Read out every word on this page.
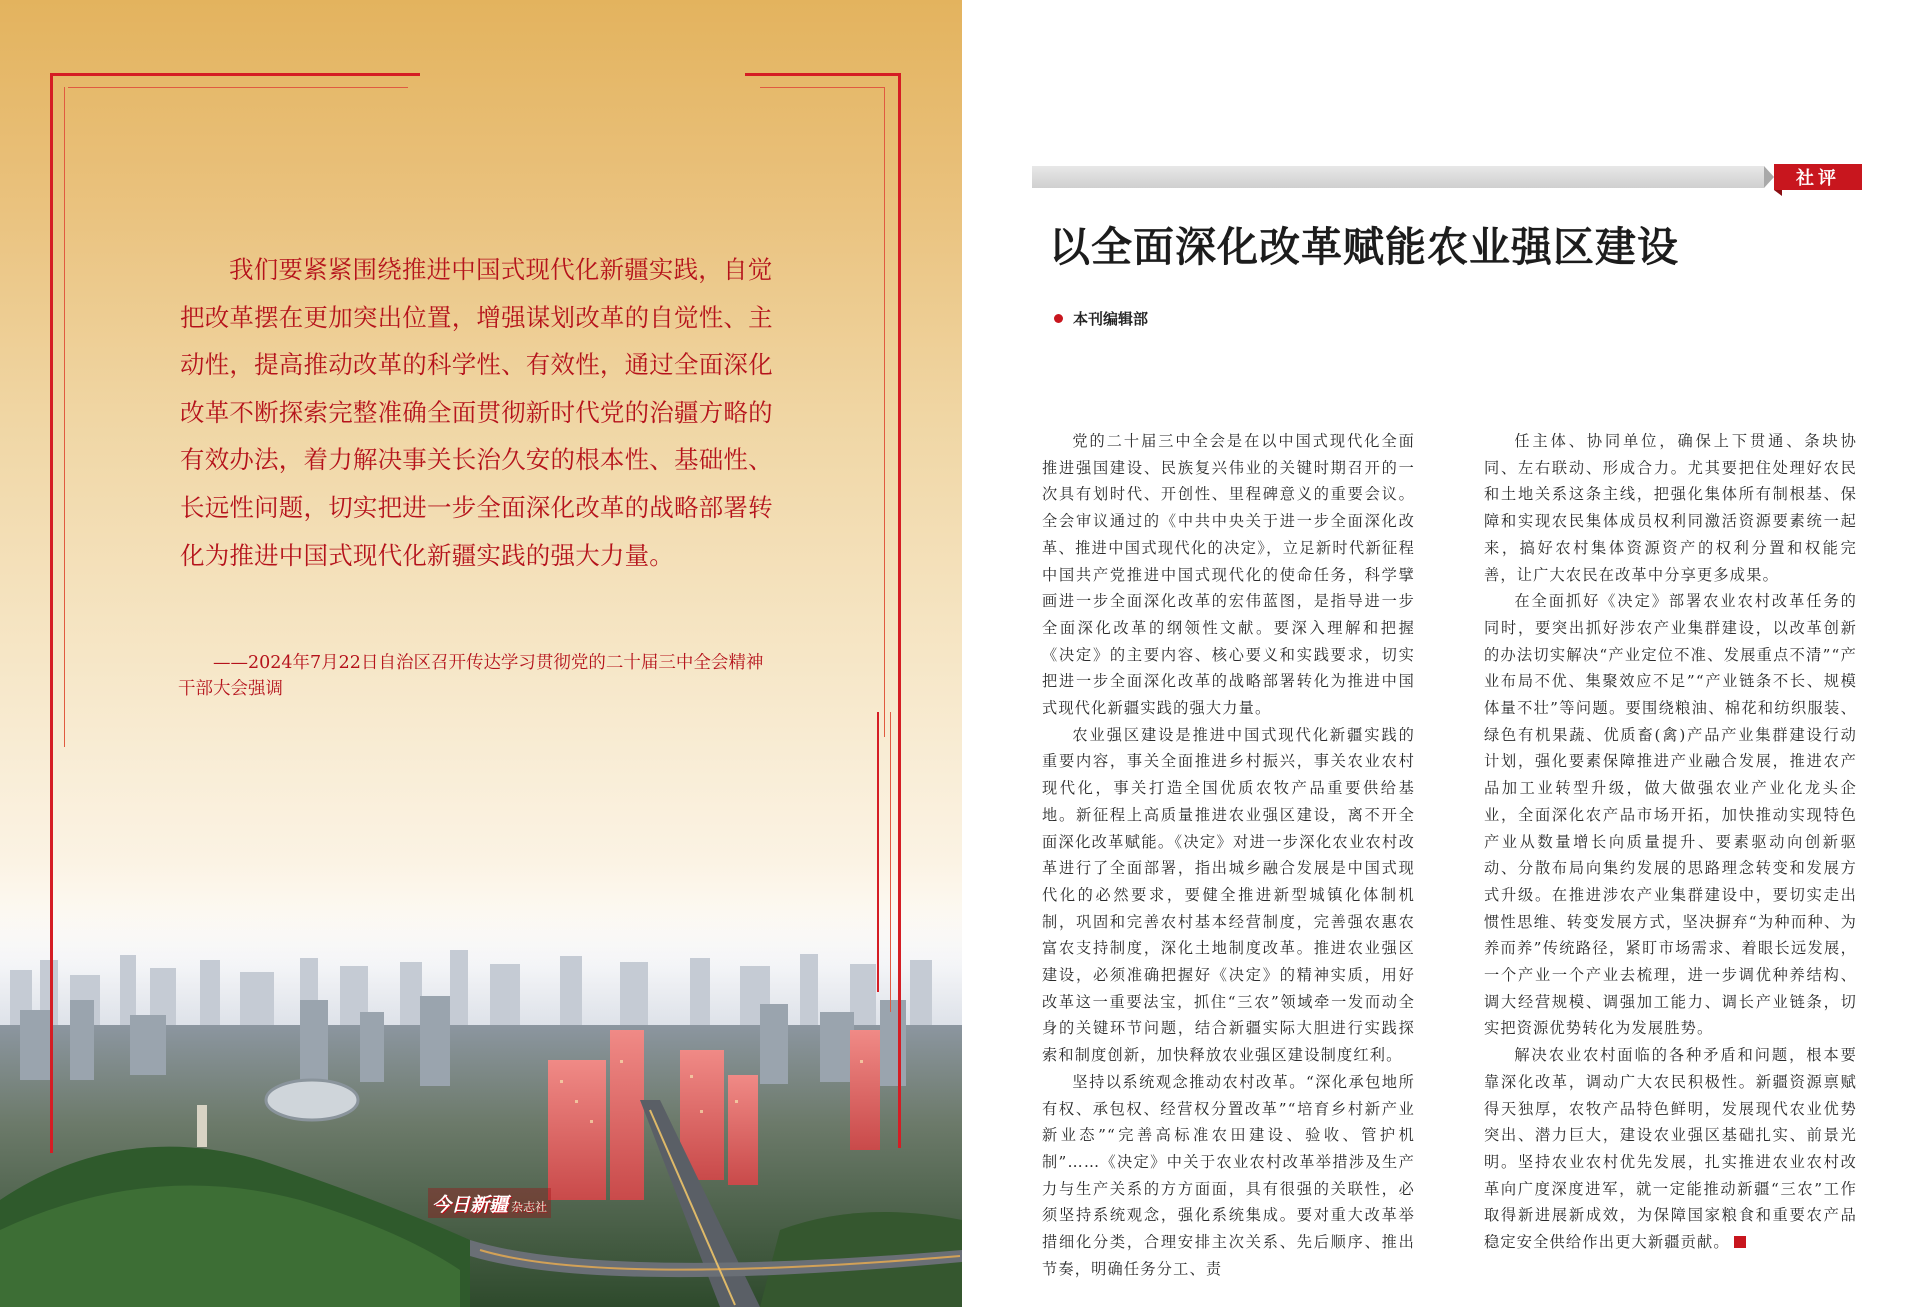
我们要紧紧围绕推进中国式现代化新疆实践，自觉把改革摆在更加突出位置，增强谋划改革的自觉性、主动性，提高推动改革的科学性、有效性，通过全面深化改革不断探索完整准确全面贯彻新时代党的治疆方略的有效办法，着力解决事关长治久安的根本性、基础性、长远性问题，切实把进一步全面深化改革的战略部署转化为推进中国式现代化新疆实践的强大力量。

——2024年7月22日自治区召开传达学习贯彻党的二十届三中全会精神干部大会强调

今日新疆 杂志社
社评
以全面深化改革赋能农业强区建设
本刊编辑部

党的二十届三中全会是在以中国式现代化全面推进强国建设、民族复兴伟业的关键时期召开的一次具有划时代、开创性、里程碑意义的重要会议。全会审议通过的《中共中央关于进一步全面深化改革、推进中国式现代化的决定》，立足新时代新征程中国共产党推进中国式现代化的使命任务，科学擘画进一步全面深化改革的宏伟蓝图，是指导进一步全面深化改革的纲领性文献。要深入理解和把握《决定》的主要内容、核心要义和实践要求，切实把进一步全面深化改革的战略部署转化为推进中国式现代化新疆实践的强大力量。

农业强区建设是推进中国式现代化新疆实践的重要内容，事关全面推进乡村振兴，事关农业农村现代化，事关打造全国优质农牧产品重要供给基地。新征程上高质量推进农业强区建设，离不开全面深化改革赋能。《决定》对进一步深化农业农村改革进行了全面部署，指出城乡融合发展是中国式现代化的必然要求，要健全推进新型城镇化体制机制，巩固和完善农村基本经营制度，完善强农惠农富农支持制度，深化土地制度改革。推进农业强区建设，必须准确把握好《决定》的精神实质，用好改革这一重要法宝，抓住“三农”领域牵一发而动全身的关键环节问题，结合新疆实际大胆进行实践探索和制度创新，加快释放农业强区建设制度红利。

坚持以系统观念推动农村改革。“深化承包地所有权、承包权、经营权分置改革”“培育乡村新产业新业态”“完善高标准农田建设、验收、管护机制”……《决定》中关于农业农村改革举措涉及生产力与生产关系的方方面面，具有很强的关联性，必须坚持系统观念，强化系统集成。要对重大改革举措细化分类，合理安排主次关系、先后顺序、推出节奏，明确任务分工、责

任主体、协同单位，确保上下贯通、条块协同、左右联动、形成合力。尤其要把住处理好农民和土地关系这条主线，把强化集体所有制根基、保障和实现农民集体成员权利同激活资源要素统一起来，搞好农村集体资源资产的权利分置和权能完善，让广大农民在改革中分享更多成果。

在全面抓好《决定》部署农业农村改革任务的同时，要突出抓好涉农产业集群建设，以改革创新的办法切实解决“产业定位不准、发展重点不清”“产业布局不优、集聚效应不足”“产业链条不长、规模体量不壮”等问题。要围绕粮油、棉花和纺织服装、绿色有机果蔬、优质畜(禽)产品产业集群建设行动计划，强化要素保障推进产业融合发展，推进农产品加工业转型升级，做大做强农业产业化龙头企业，全面深化农产品市场开拓，加快推动实现特色产业从数量增长向质量提升、要素驱动向创新驱动、分散布局向集约发展的思路理念转变和发展方式升级。在推进涉农产业集群建设中，要切实走出惯性思维、转变发展方式，坚决摒弃“为种而种、为养而养”传统路径，紧盯市场需求、着眼长远发展，一个产业一个产业去梳理，进一步调优种养结构、调大经营规模、调强加工能力、调长产业链条，切实把资源优势转化为发展胜势。

解决农业农村面临的各种矛盾和问题，根本要靠深化改革，调动广大农民积极性。新疆资源禀赋得天独厚，农牧产品特色鲜明，发展现代农业优势突出、潜力巨大，建设农业强区基础扎实、前景光明。坚持农业农村优先发展，扎实推进农业农村改革向广度深度进军，就一定能推动新疆“三农”工作取得新进展新成效，为保障国家粮食和重要农产品稳定安全供给作出更大新疆贡献。
